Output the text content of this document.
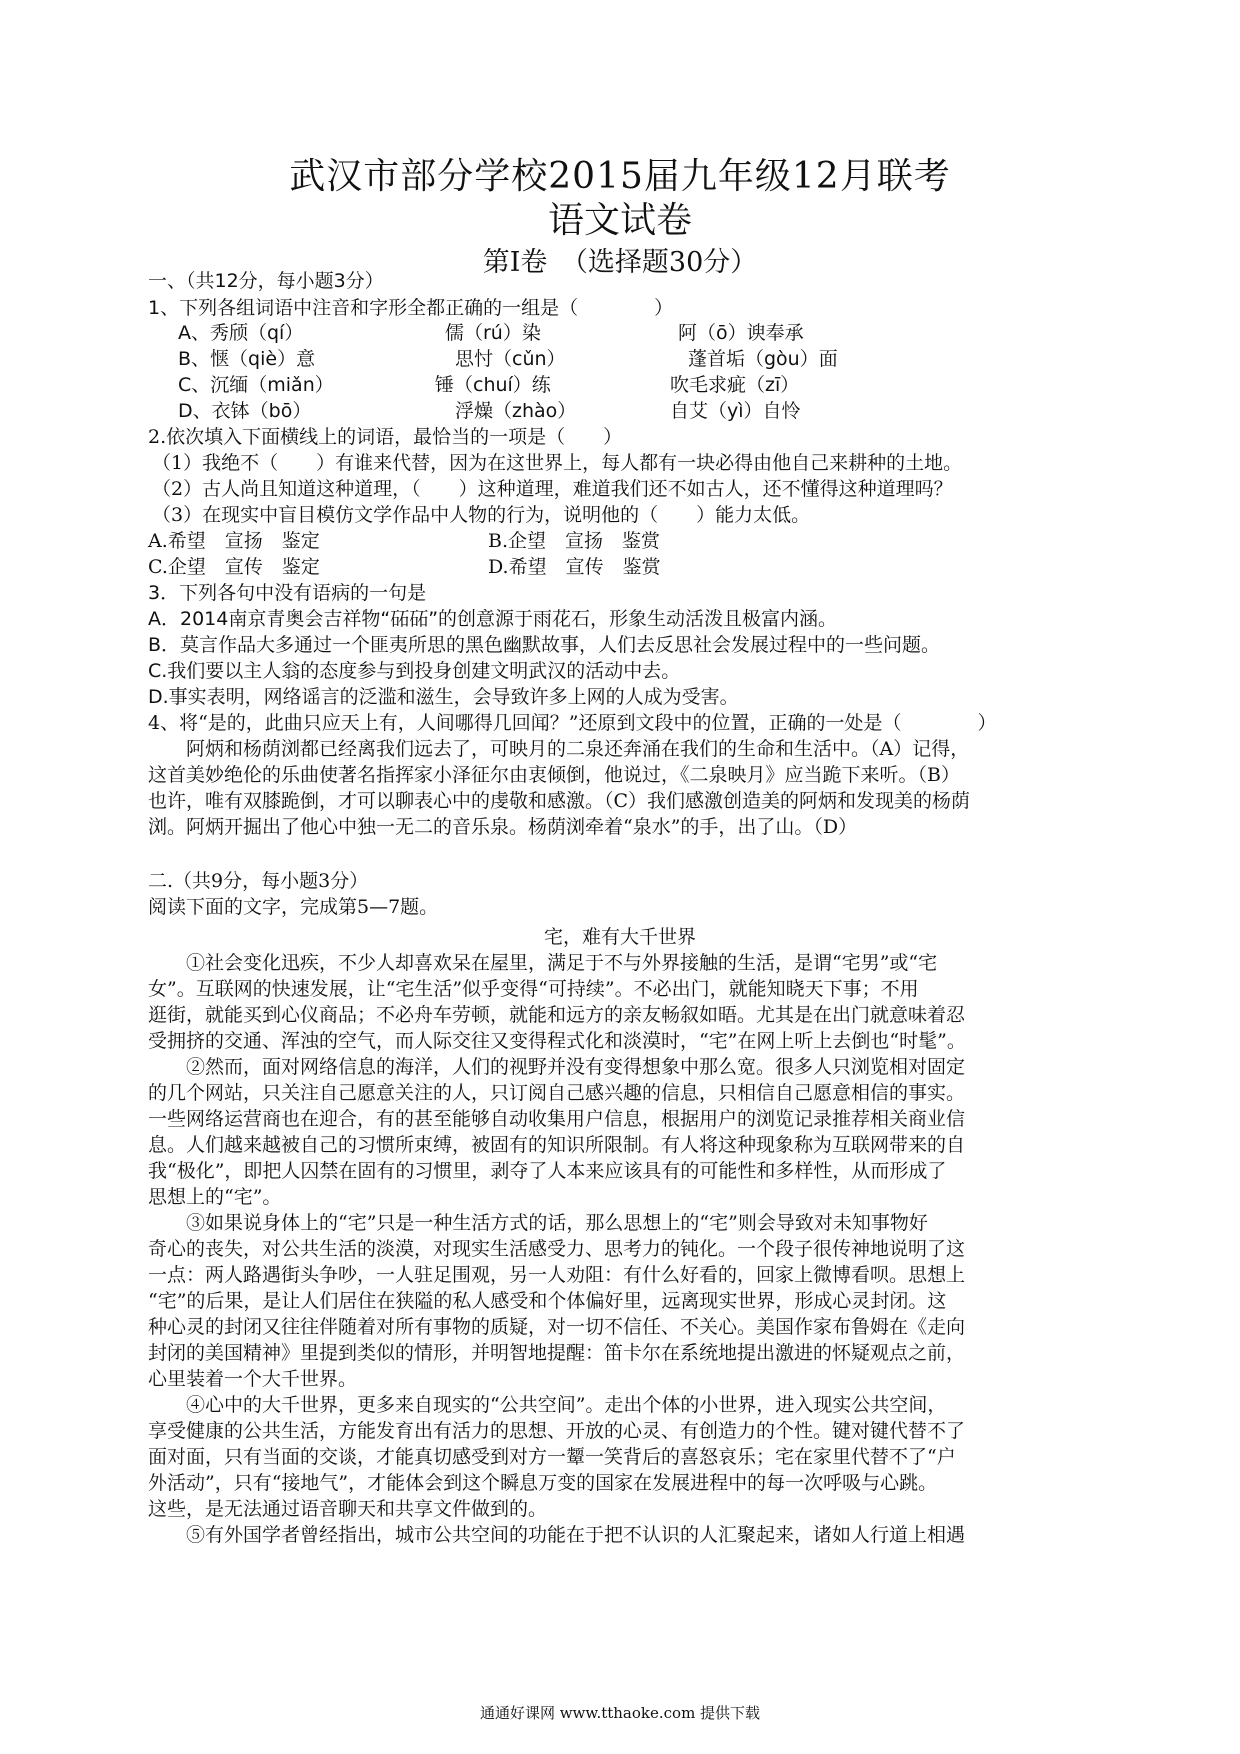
武汉市部分学校2015届九年级12月联考
语文试卷
第Ⅰ卷　（选择题30分）
一、（共12分，每小题3分）
1、下列各组词语中注音和字形全都正确的一组是（　　　　）
A、秀颀（qí）	儒（rú）染	阿（ō）谀奉承
B、惬（qiè）意	思忖（cǔn）	蓬首垢（gòu）面
C、沉缅（miǎn）	锤（chuí）练	吹毛求疵（zī）
D、衣钵（bō）	浮燥（zhào）	自艾（yì）自怜
2.依次填入下面横线上的词语，最恰当的一项是（　　）
（1）我绝不（　　）有谁来代替，因为在这世界上，每人都有一块必得由他自己来耕种的土地。
（2）古人尚且知道这种道理，（　　）这种道理，难道我们还不如古人，还不懂得这种道理吗？
（3）在现实中盲目模仿文学作品中人物的行为，说明他的（　　）能力太低。
A.希望　宣扬　鉴定	B.企望　宣扬　鉴赏
C.企望　宣传　鉴定	D.希望　宣传　鉴赏
3．下列各句中没有语病的一句是
A．2014南京青奥会吉祥物“砳砳”的创意源于雨花石，形象生动活泼且极富内涵。
B．莫言作品大多通过一个匪夷所思的黑色幽默故事，人们去反思社会发展过程中的一些问题。
C.我们要以主人翁的态度参与到投身创建文明武汉的活动中去。
D.事实表明，网络谣言的泛滥和滋生，会导致许多上网的人成为受害。
4、将“是的，此曲只应天上有，人间哪得几回闻？”还原到文段中的位置，正确的一处是（　　　　）
　　阿炳和杨荫浏都已经离我们远去了，可映月的二泉还奔涌在我们的生命和生活中。（A）记得，
这首美妙绝伦的乐曲使著名指挥家小泽征尔由衷倾倒，他说过，《二泉映月》应当跪下来听。（B）
也许，唯有双膝跪倒，才可以聊表心中的虔敬和感激。（C）我们感激创造美的阿炳和发现美的杨荫
浏。阿炳开掘出了他心中独一无二的音乐泉。杨荫浏牵着“泉水”的手，出了山。（D）
二.（共9分，每小题3分）
阅读下面的文字，完成第5—7题。
宅，难有大千世界
　　①社会变化迅疾，不少人却喜欢呆在屋里，满足于不与外界接触的生活，是谓“宅男”或“宅
女”。互联网的快速发展，让“宅生活”似乎变得“可持续”。不必出门，就能知晓天下事；不用
逛街，就能买到心仪商品；不必舟车劳顿，就能和远方的亲友畅叙如晤。尤其是在出门就意味着忍
受拥挤的交通、浑浊的空气，而人际交往又变得程式化和淡漠时，“宅”在网上听上去倒也“时髦”。
　　②然而，面对网络信息的海洋，人们的视野并没有变得想象中那么宽。很多人只浏览相对固定
的几个网站，只关注自己愿意关注的人，只订阅自己感兴趣的信息，只相信自己愿意相信的事实。
一些网络运营商也在迎合，有的甚至能够自动收集用户信息，根据用户的浏览记录推荐相关商业信
息。人们越来越被自己的习惯所束缚，被固有的知识所限制。有人将这种现象称为互联网带来的自
我“极化”，即把人囚禁在固有的习惯里，剥夺了人本来应该具有的可能性和多样性，从而形成了
思想上的“宅”。
　　③如果说身体上的“宅”只是一种生活方式的话，那么思想上的“宅”则会导致对未知事物好
奇心的丧失，对公共生活的淡漠，对现实生活感受力、思考力的钝化。一个段子很传神地说明了这
一点：两人路遇街头争吵，一人驻足围观，另一人劝阻：有什么好看的，回家上微博看呗。思想上
“宅”的后果，是让人们居住在狭隘的私人感受和个体偏好里，远离现实世界，形成心灵封闭。这
种心灵的封闭又往往伴随着对所有事物的质疑，对一切不信任、不关心。美国作家布鲁姆在《走向
封闭的美国精神》里提到类似的情形，并明智地提醒：笛卡尔在系统地提出激进的怀疑观点之前，
心里装着一个大千世界。
　　④心中的大千世界，更多来自现实的“公共空间”。走出个体的小世界，进入现实公共空间，
享受健康的公共生活，方能发育出有活力的思想、开放的心灵、有创造力的个性。键对键代替不了
面对面，只有当面的交谈，才能真切感受到对方一颦一笑背后的喜怒哀乐；宅在家里代替不了“户
外活动”，只有“接地气”，才能体会到这个瞬息万变的国家在发展进程中的每一次呼吸与心跳。
这些，是无法通过语音聊天和共享文件做到的。
　　⑤有外国学者曾经指出，城市公共空间的功能在于把不认识的人汇聚起来，诸如人行道上相遇
通通好课网 www.tthaoke.com 提供下载
